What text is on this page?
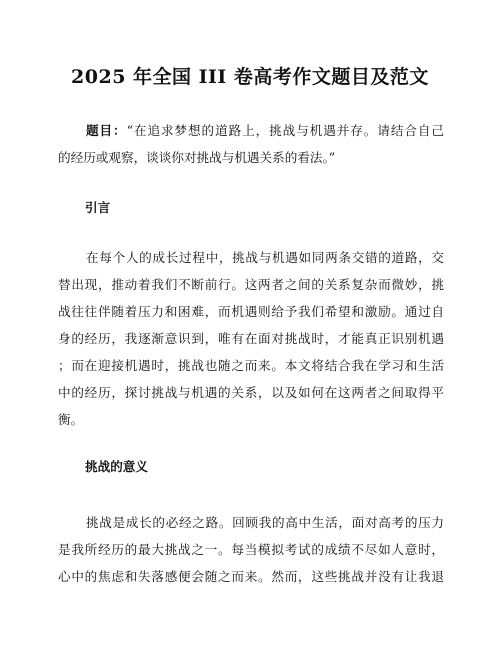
2025 年全国 III 卷高考作文题目及范文
题目：“在追求梦想的道路上，挑战与机遇并存。请结合自己
的经历或观察，谈谈你对挑战与机遇关系的看法。”
引言
在每个人的成长过程中，挑战与机遇如同两条交错的道路，交
替出现，推动着我们不断前行。这两者之间的关系复杂而微妙，挑
战往往伴随着压力和困难，而机遇则给予我们希望和激励。通过自
身的经历，我逐渐意识到，唯有在面对挑战时，才能真正识别机遇
；而在迎接机遇时，挑战也随之而来。本文将结合我在学习和生活
中的经历，探讨挑战与机遇的关系，以及如何在这两者之间取得平
衡。
挑战的意义
挑战是成长的必经之路。回顾我的高中生活，面对高考的压力
是我所经历的最大挑战之一。每当模拟考试的成绩不尽如人意时，
心中的焦虑和失落感便会随之而来。然而，这些挑战并没有让我退
